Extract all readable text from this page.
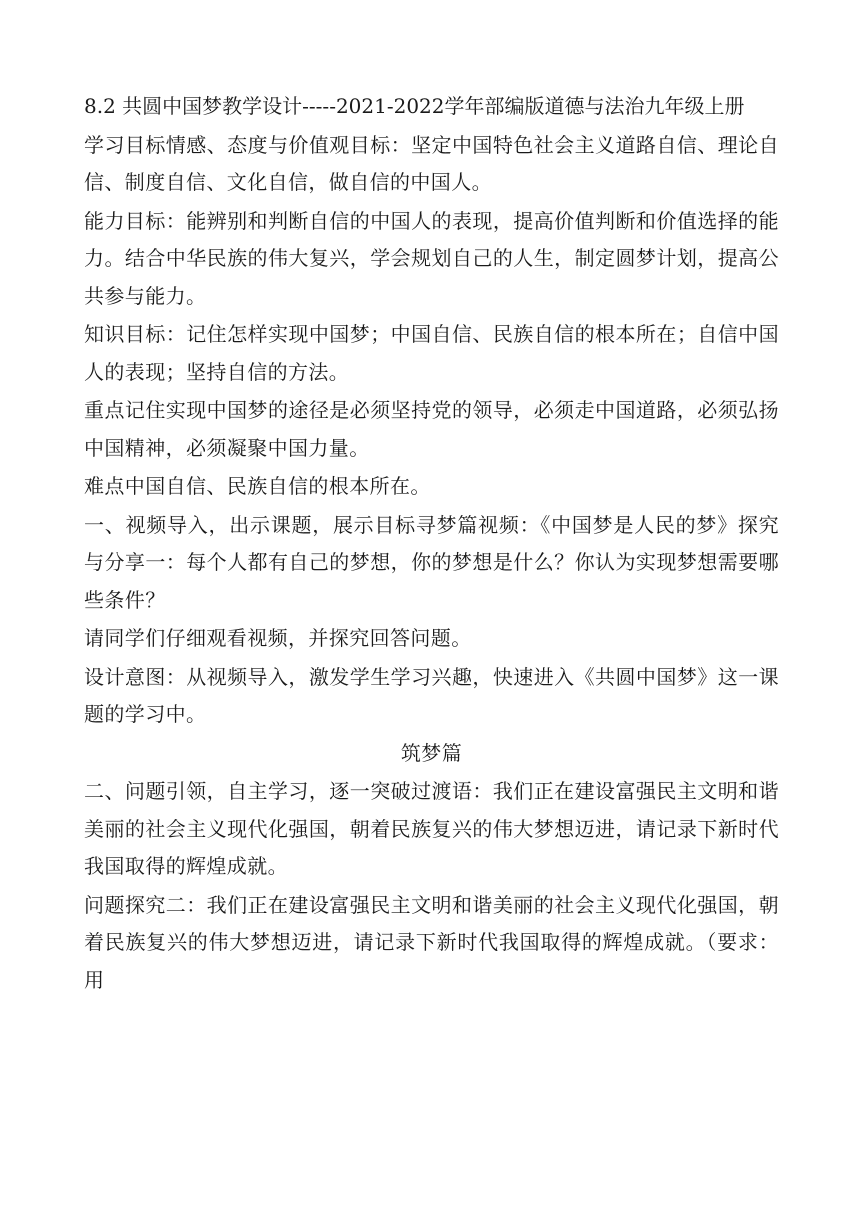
8.2 共圆中国梦教学设计-----2021-2022学年部编版道德与法治九年级上册

学习目标情感、态度与价值观目标：坚定中国特色社会主义道路自信、理论自信、制度自信、文化自信，做自信的中国人。

能力目标：能辨别和判断自信的中国人的表现，提高价值判断和价值选择的能力。结合中华民族的伟大复兴，学会规划自己的人生，制定圆梦计划，提高公共参与能力。

知识目标：记住怎样实现中国梦；中国自信、民族自信的根本所在；自信中国人的表现；坚持自信的方法。

重点记住实现中国梦的途径是必须坚持党的领导，必须走中国道路，必须弘扬中国精神，必须凝聚中国力量。

难点中国自信、民族自信的根本所在。

一、视频导入，出示课题，展示目标寻梦篇视频：《中国梦是人民的梦》探究与分享一：每个人都有自己的梦想，你的梦想是什么？你认为实现梦想需要哪些条件？

请同学们仔细观看视频，并探究回答问题。

设计意图：从视频导入，激发学生学习兴趣，快速进入《共圆中国梦》这一课题的学习中。

筑梦篇

二、问题引领，自主学习，逐一突破过渡语：我们正在建设富强民主文明和谐美丽的社会主义现代化强国，朝着民族复兴的伟大梦想迈进，请记录下新时代我国取得的辉煌成就。

问题探究二：我们正在建设富强民主文明和谐美丽的社会主义现代化强国，朝着民族复兴的伟大梦想迈进，请记录下新时代我国取得的辉煌成就。（要求：用
